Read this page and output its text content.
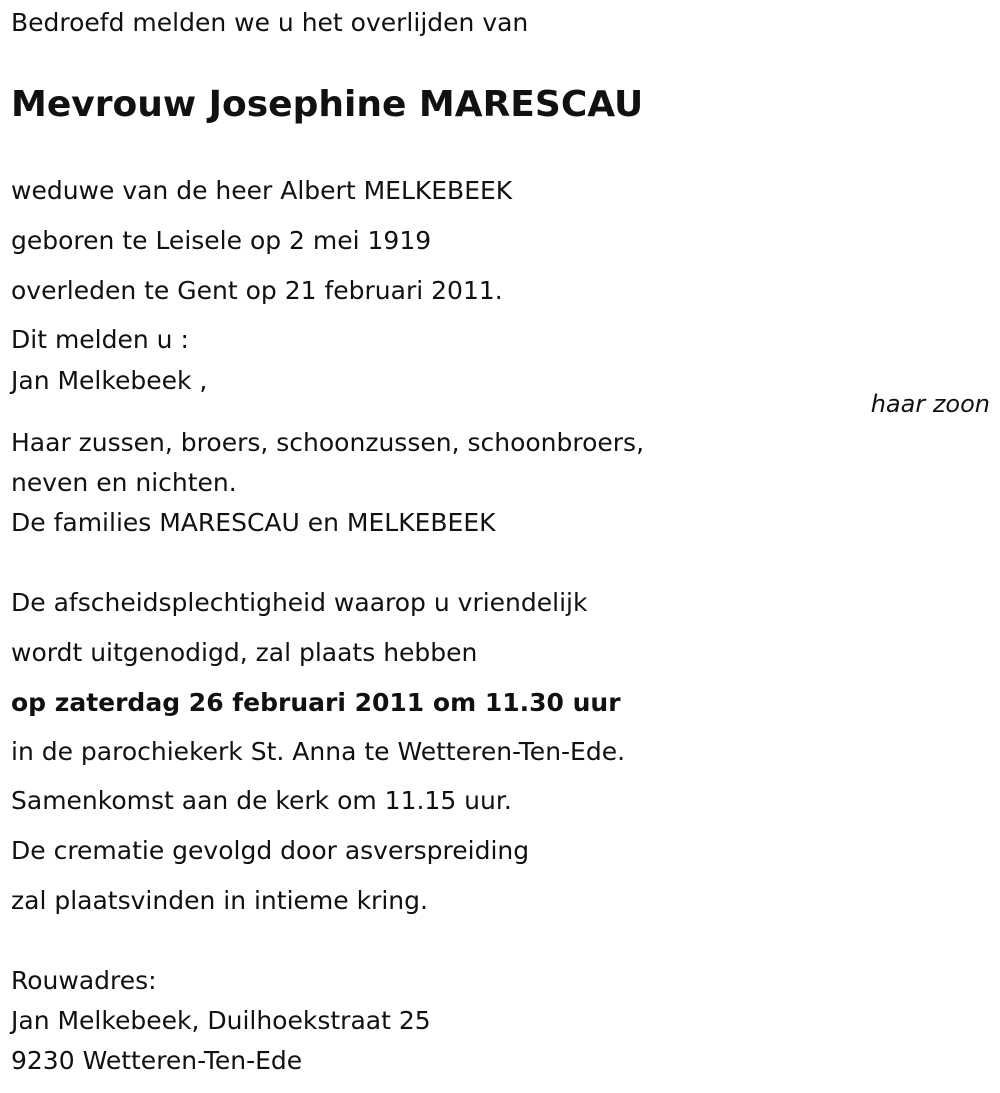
Bedroefd melden we u het overlijden van

Mevrouw Josephine MARESCAU

weduwe van de heer Albert MELKEBEEK

geboren te Leisele op 2 mei 1919

overleden te Gent op 21 februari 2011.

Dit melden u :

Jan Melkebeek ,

haar zoon

Haar zussen, broers, schoonzussen, schoonbroers,

neven en nichten.

De families MARESCAU en MELKEBEEK

De afscheidsplechtigheid waarop u vriendelijk

wordt uitgenodigd, zal plaats hebben

op zaterdag 26 februari 2011 om 11.30 uur

in de parochiekerk St. Anna te Wetteren-Ten-Ede.

Samenkomst aan de kerk om 11.15 uur.

De crematie gevolgd door asverspreiding

zal plaatsvinden in intieme kring.

Rouwadres:

Jan Melkebeek, Duilhoekstraat 25

9230 Wetteren-Ten-Ede
